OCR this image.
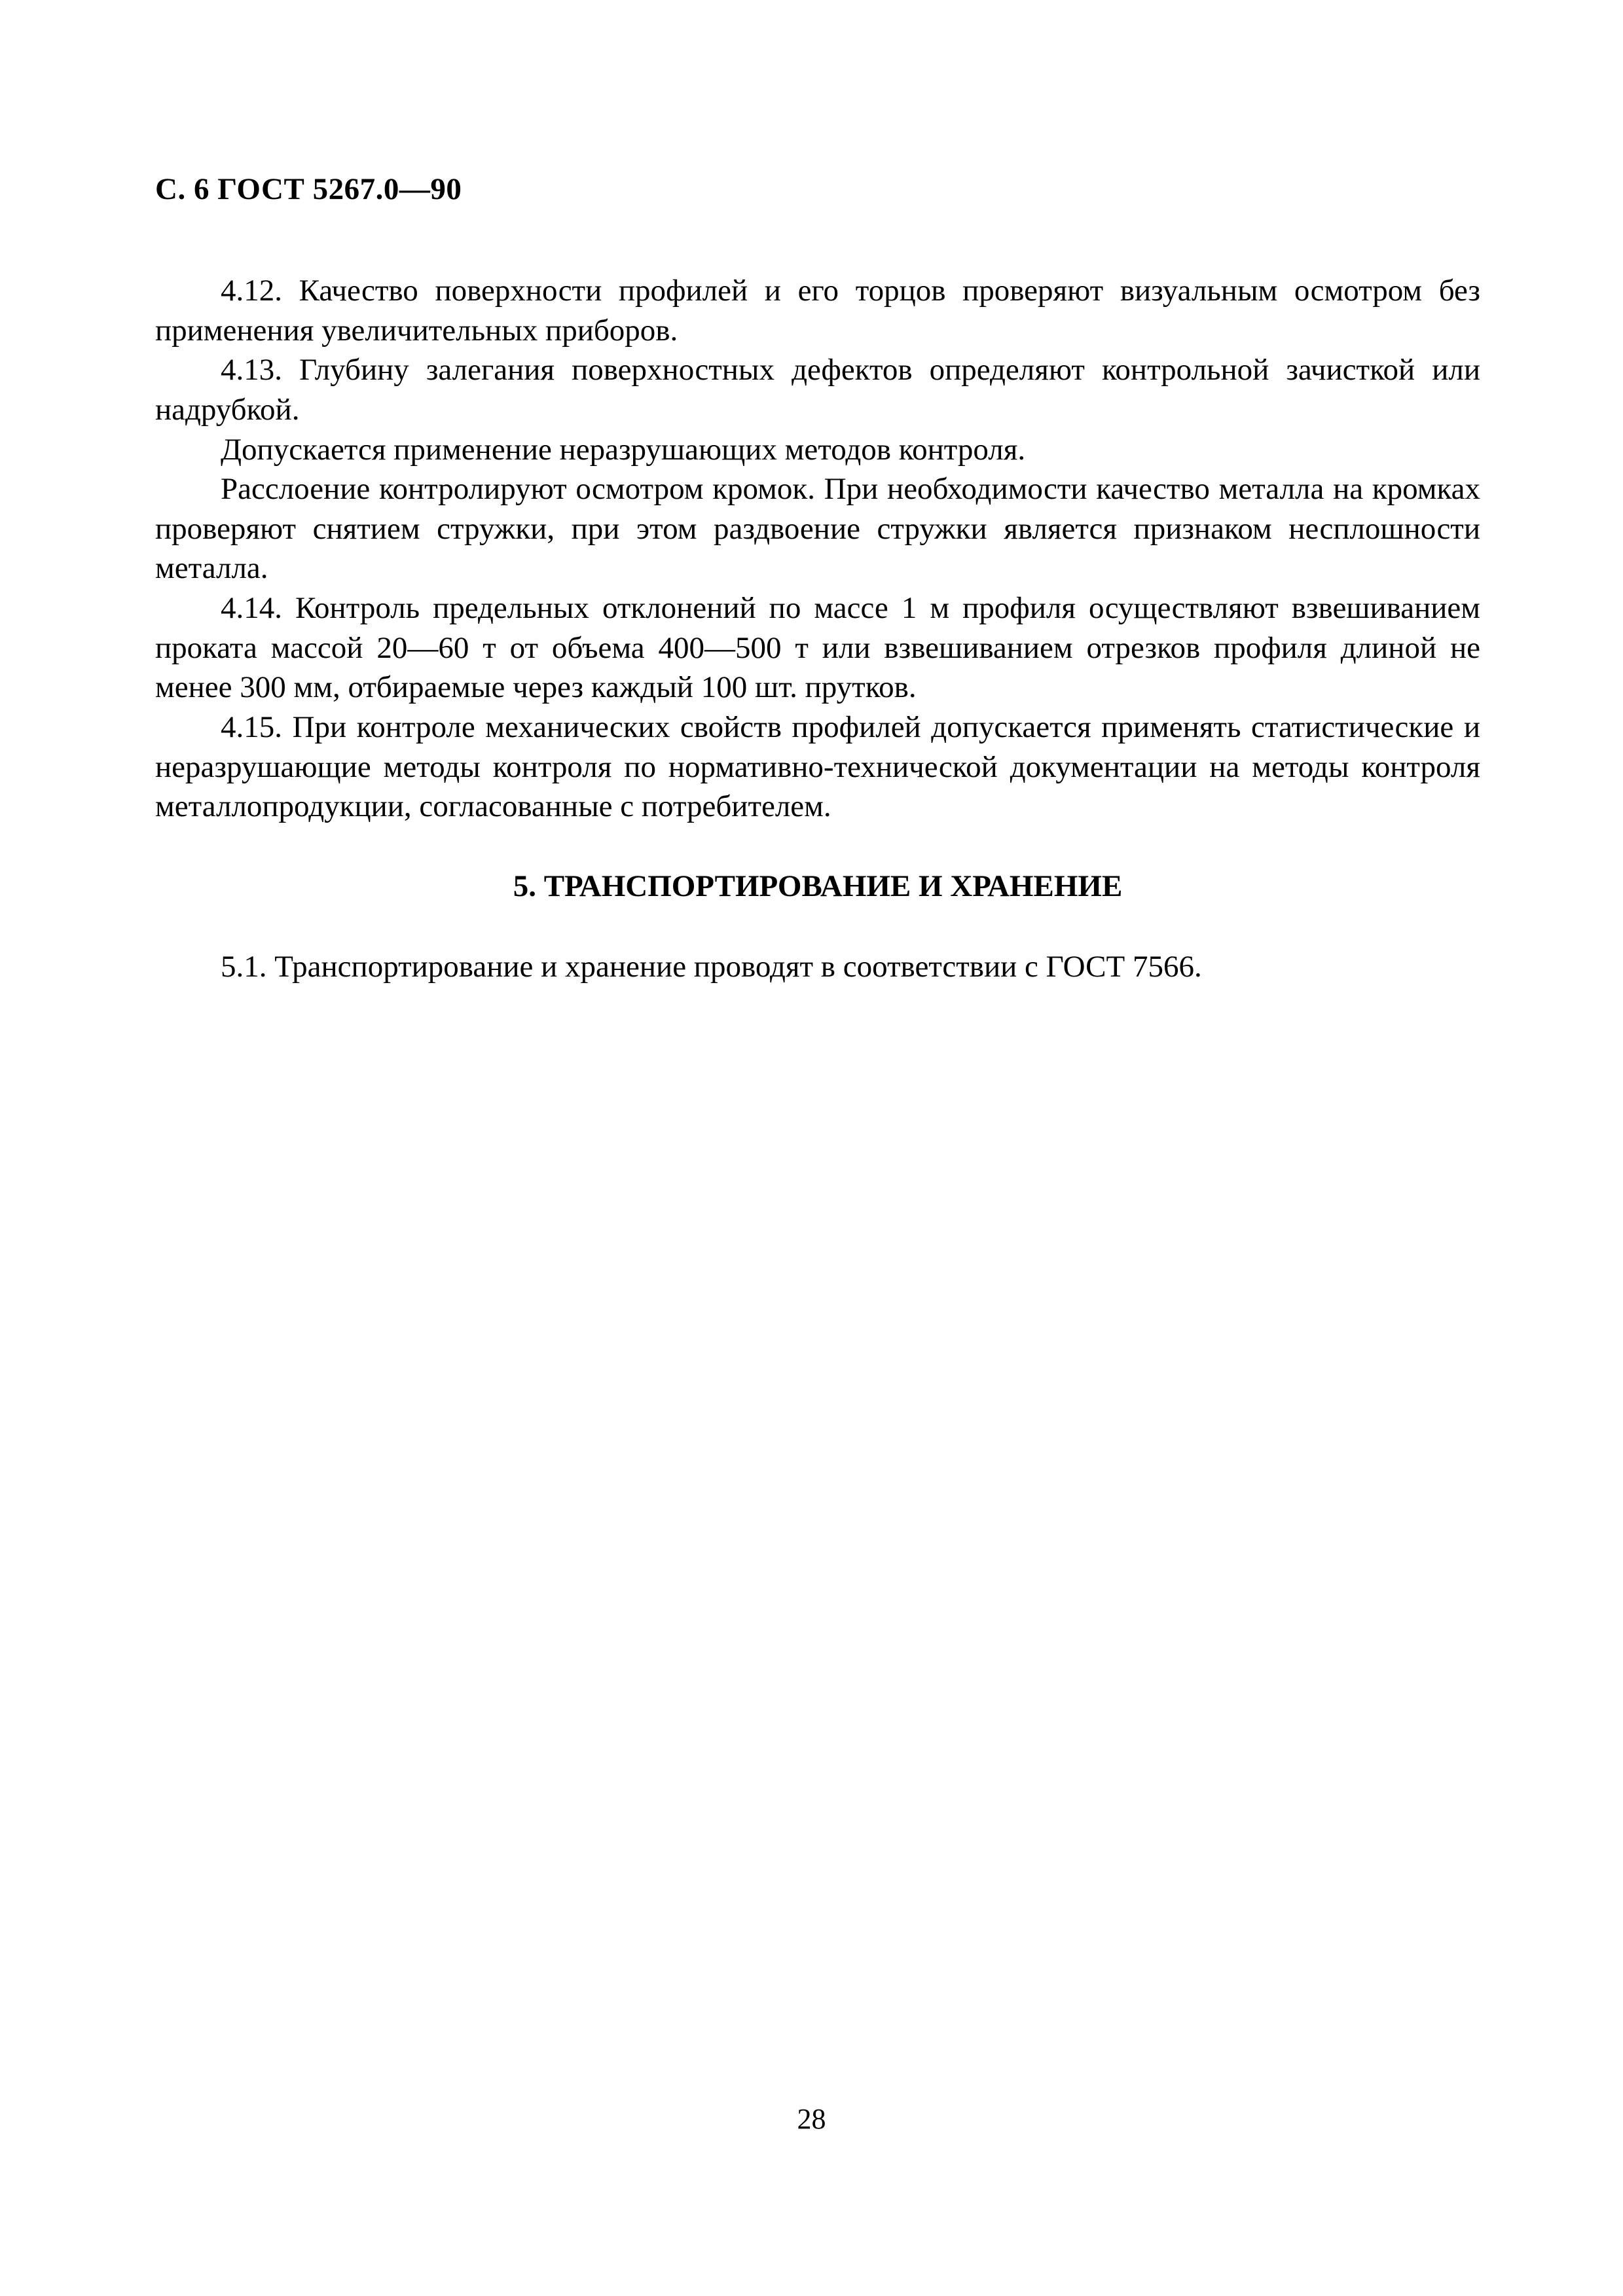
С. 6 ГОСТ 5267.0—90

4.12. Качество поверхности профилей и его торцов проверяют визуальным осмотром без применения увеличительных приборов.

4.13. Глубину залегания поверхностных дефектов определяют контрольной зачисткой или надрубкой.

Допускается применение неразрушающих методов контроля.

Расслоение контролируют осмотром кромок. При необходимости качество металла на кромках проверяют снятием стружки, при этом раздвоение стружки является признаком несплошности металла.

4.14. Контроль предельных отклонений по массе 1 м профиля осуществляют взвешиванием проката массой 20—60 т от объема 400—500 т или взвешиванием отрезков профиля длиной не менее 300 мм, отбираемые через каждый 100 шт. прутков.

4.15. При контроле механических свойств профилей допускается применять статистические и неразрушающие методы контроля по нормативно-технической документации на методы контроля металлопродукции, согласованные с потребителем.

5. ТРАНСПОРТИРОВАНИЕ И ХРАНЕНИЕ

5.1. Транспортирование и хранение проводят в соответствии с ГОСТ 7566.

28
